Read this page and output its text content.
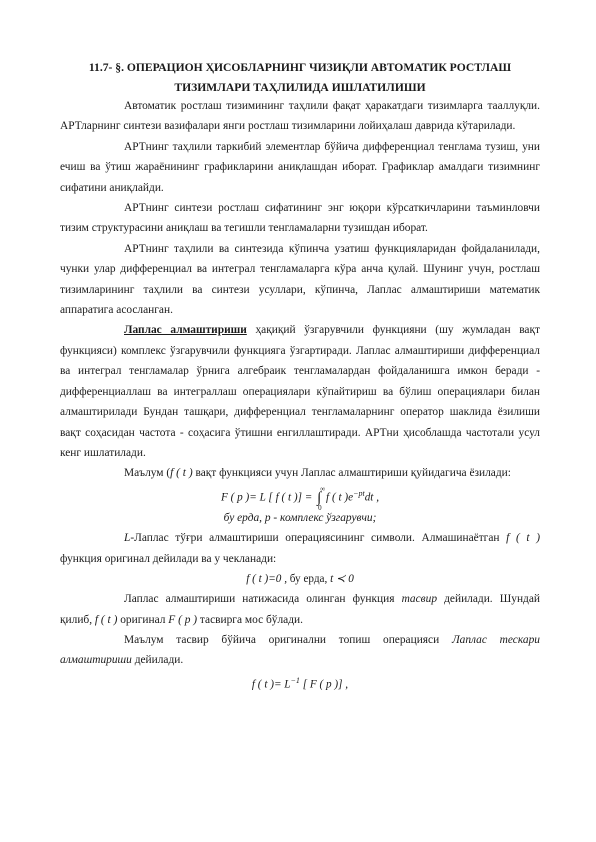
11.7- §. ОПЕРАЦИОН ҲИСОБЛАРНИНГ ЧИЗИҚЛИ АВТОМАТИК РОСТЛАШ
ТИЗИМЛАРИ ТАҲЛИЛИДА ИШЛАТИЛИШИ

Автоматик ростлаш тизимининг таҳлили фақат ҳаракатдаги тизимларга тааллуқли. АРТларнинг синтези вазифалари янги ростлаш тизимларини лойиҳалаш даврида кўтарилади.

АРТнинг таҳлили таркибий элементлар бўйича дифференциал тенглама тузиш, уни ечиш ва ўтиш жараёнининг графикларини аниқлашдан иборат. Графиклар амалдаги тизимнинг сифатини аниқлайди.

АРТнинг синтези ростлаш сифатининг энг юқори кўрсаткичларини таъминловчи тизим структурасини аниқлаш ва тегишли тенгламаларни тузишдан иборат.

АРТнинг таҳлили ва синтезида кўпинча узатиш функцияларидан фойдаланилади, чунки улар дифференциал ва интеграл тенгламаларга кўра анча қулай. Шунинг учун, ростлаш тизимларининг таҳлили ва синтези усуллари, кўпинча, Лаплас алмаштириши математик аппаратига асосланган.

Лаплас алмаштириши ҳақиқий ўзгарувчили функцияни (шу жумладан вақт функцияси) комплекс ўзгарувчили функцияга ўзгартиради. Лаплас алмаштириши дифференциал ва интеграл тенгламалар ўрнига алгебраик тенгламалардан фойдаланишга имкон беради - дифференциаллаш ва интеграллаш операциялари кўпайтириш ва бўлиш операциялари билан алмаштирилади Бундан ташқари, дифференциал тенгламаларнинг оператор шаклида ёзилиши вақт соҳасидан частота - соҳаcига ўтишни енгиллаштиради. АРТни ҳисоблашда частотали усул кенг ишлатилади.

Маълум (f ( t ) вақт функцияси учун Лаплас алмаштириши қуйидагича ёзилади:

F ( p )= L [ f ( t )] = ∫
∞
0
f ( t )$e^{-pt}dt$ ,

бу ерда, р - комплекс ўзгарувчи;

L-Лаплас тўғри алмаштириши операциясининг символи. Алмашинаётган f ( t ) функция оригинал дейилади ва у чекланади:

f ( t )=0 , бу ерда, t ≺ 0

Лаплас алмаштириши натижасида олинган функция тасвир дейилади. Шундай қилиб, f ( t ) оригинал F ( p ) тасвирга мос бўлади.

Маълум тасвир бўйича оригинални топиш операцияси Лаплас тескари алмаштириши дейилади.

f ( t )= $L^{-1}$ [ F ( p )] ,
